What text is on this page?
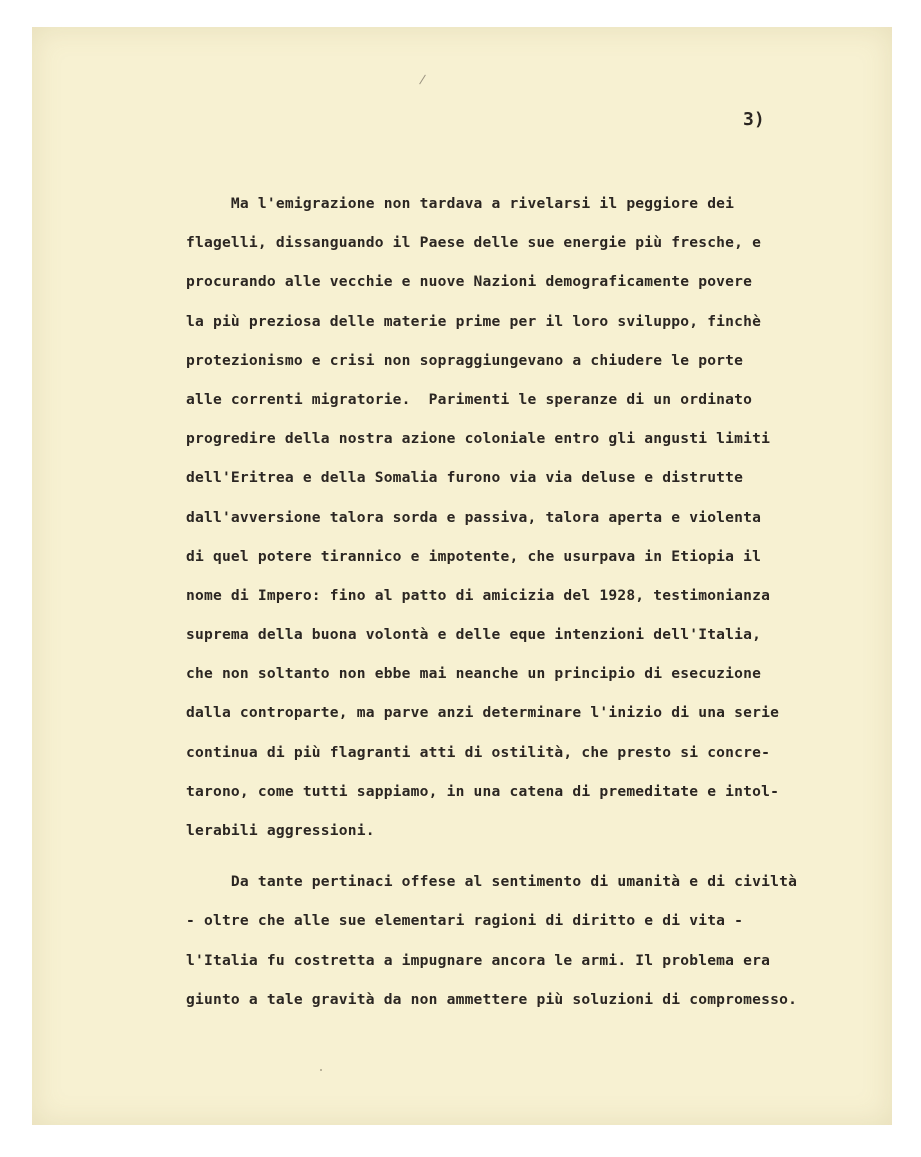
3)
Ma l'emigrazione non tardava a rivelarsi il peggiore dei
flagelli, dissanguando il Paese delle sue energie più fresche, e
procurando alle vecchie e nuove Nazioni demograficamente povere
la più preziosa delle materie prime per il loro sviluppo, finchè
protezionismo e crisi non sopraggiungevano a chiudere le porte
alle correnti migratorie.  Parimenti le speranze di un ordinato
progredire della nostra azione coloniale entro gli angusti limiti
dell'Eritrea e della Somalia furono via via deluse e distrutte
dall'avversione talora sorda e passiva, talora aperta e violenta
di quel potere tirannico e impotente, che usurpava in Etiopia il
nome di Impero: fino al patto di amicizia del 1928, testimonianza
suprema della buona volontà e delle eque intenzioni dell'Italia,
che non soltanto non ebbe mai neanche un principio di esecuzione
dalla controparte, ma parve anzi determinare l'inizio di una serie
continua di più flagranti atti di ostilità, che presto si concre-
tarono, come tutti sappiamo, in una catena di premeditate e intol-
lerabili aggressioni.
Da tante pertinaci offese al sentimento di umanità e di civiltà
- oltre che alle sue elementari ragioni di diritto e di vita -
l'Italia fu costretta a impugnare ancora le armi. Il problema era
giunto a tale gravità da non ammettere più soluzioni di compromesso.
